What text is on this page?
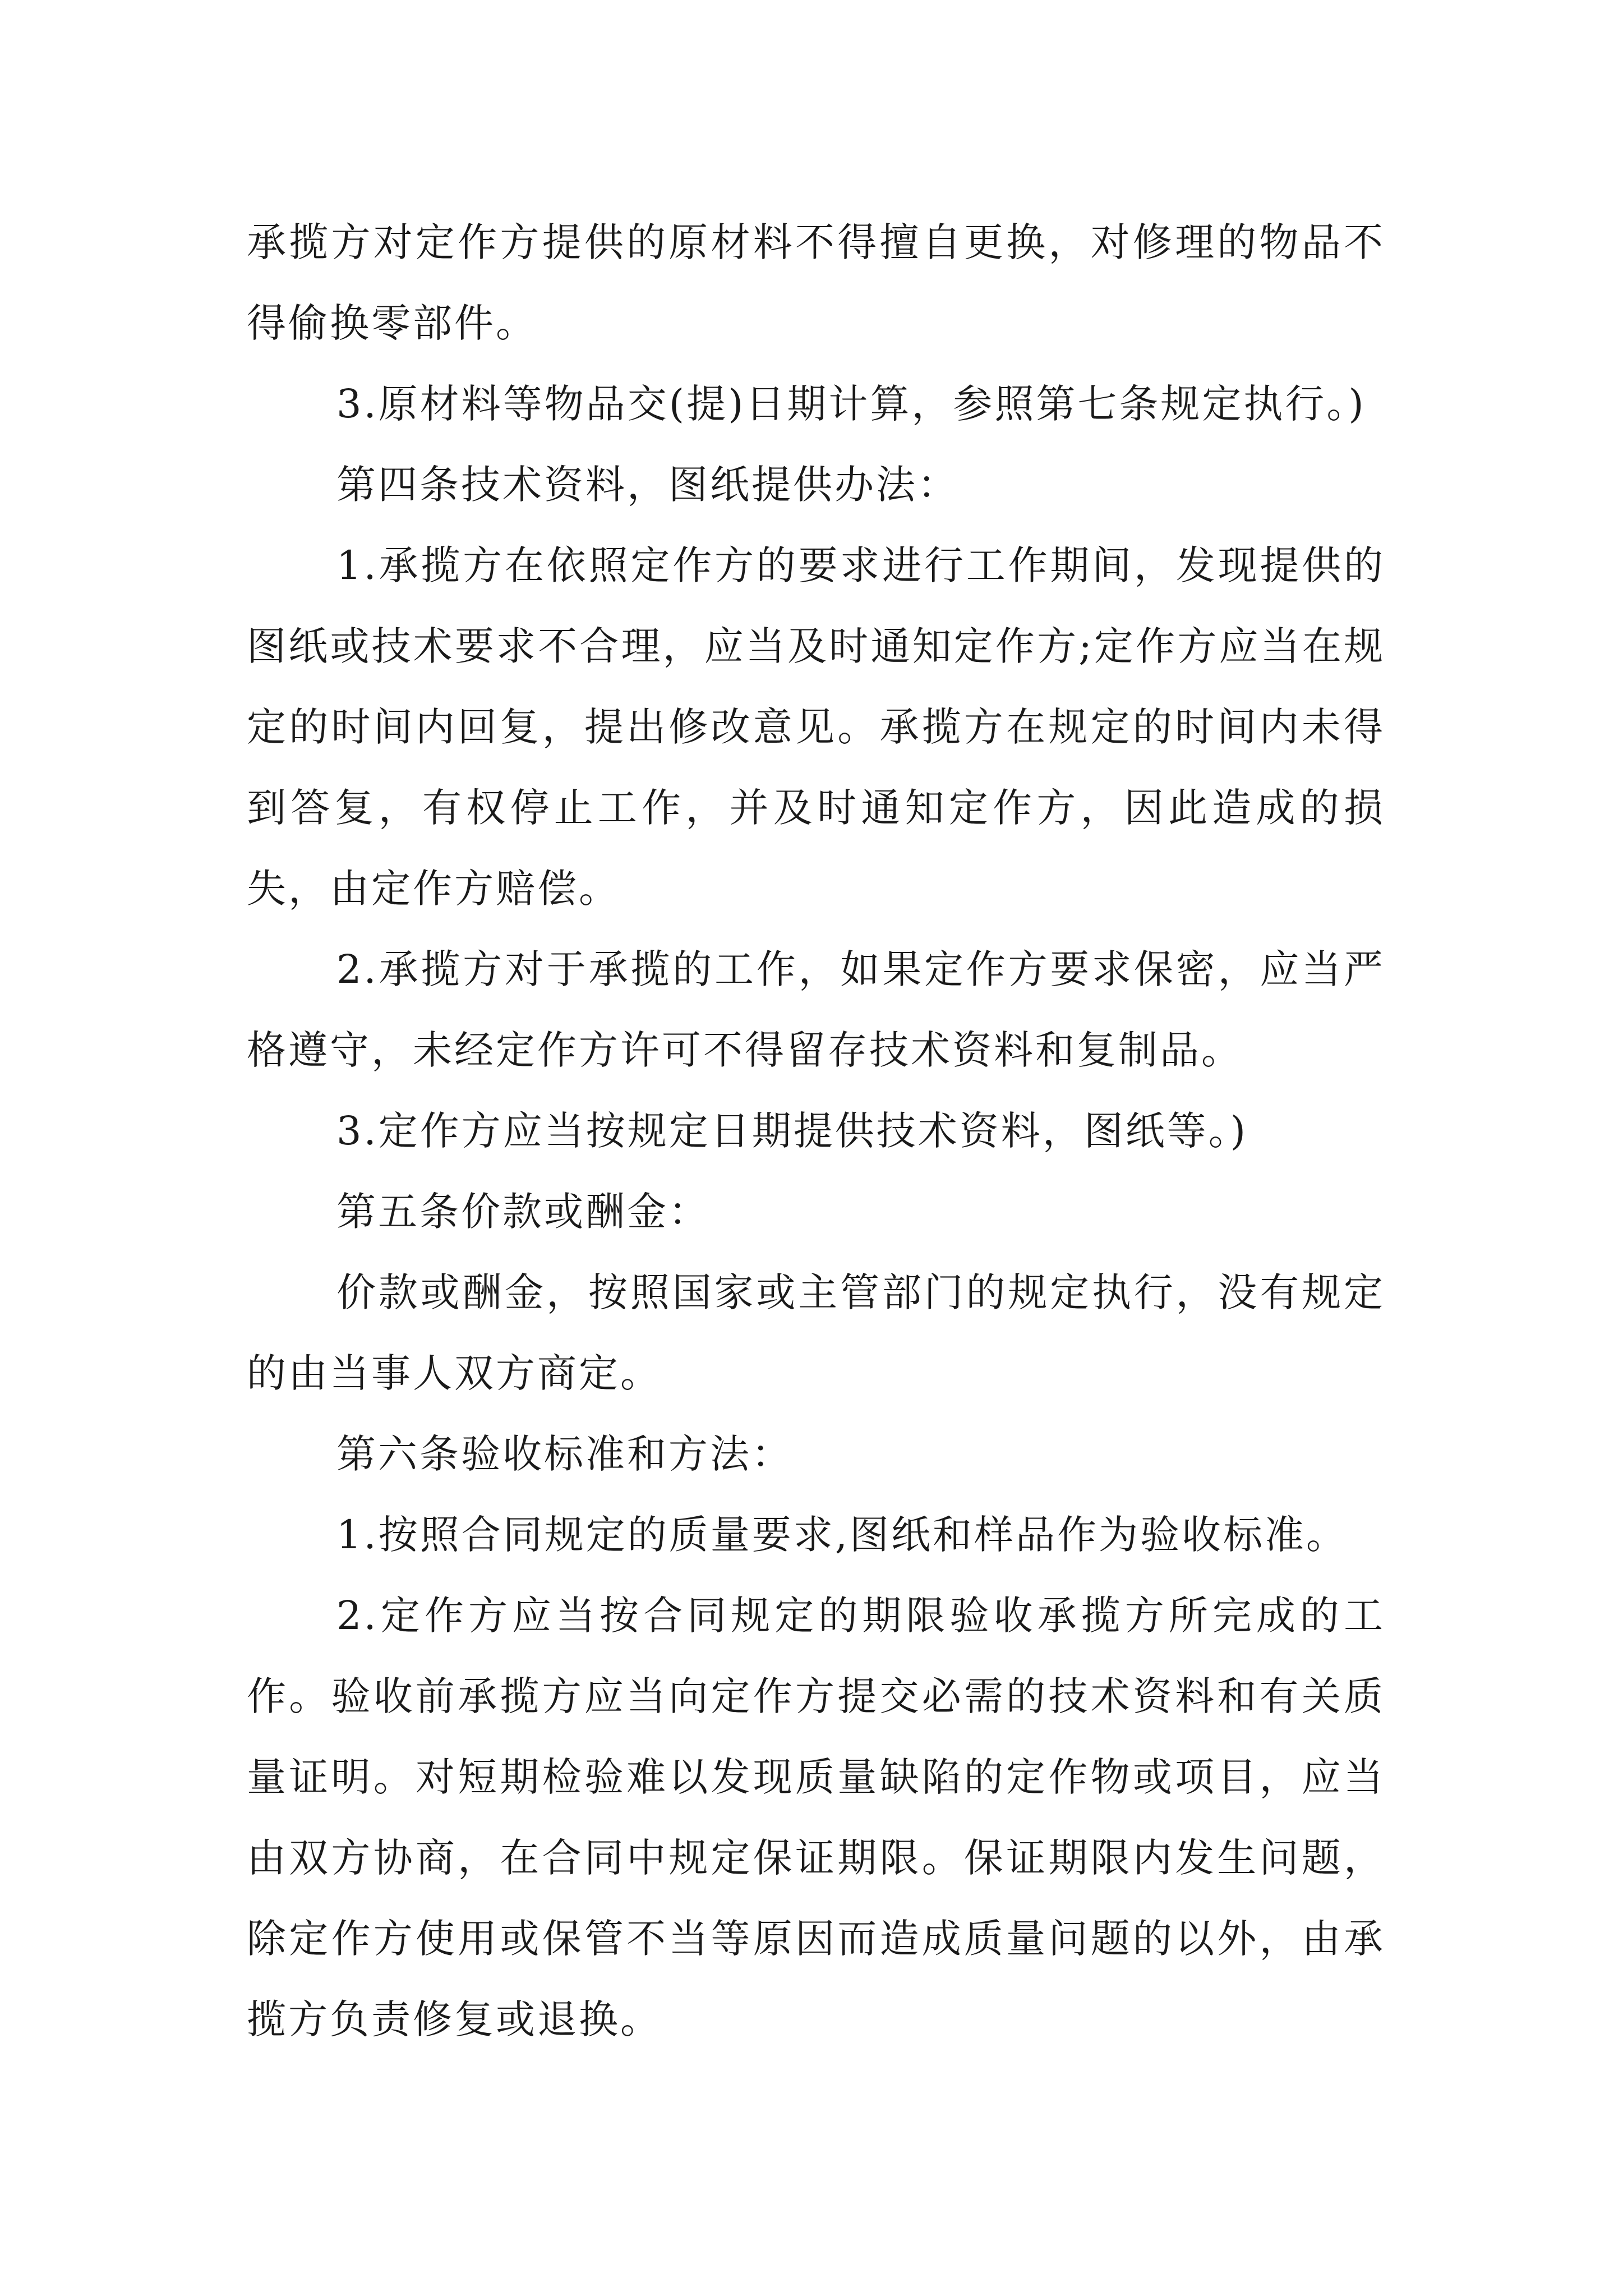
承揽方对定作方提供的原材料不得擅自更换，对修理的物品不得偷换零部件。

3.原材料等物品交(提)日期计算，参照第七条规定执行。)

第四条技术资料，图纸提供办法：

1.承揽方在依照定作方的要求进行工作期间，发现提供的图纸或技术要求不合理，应当及时通知定作方;定作方应当在规定的时间内回复，提出修改意见。承揽方在规定的时间内未得到答复，有权停止工作，并及时通知定作方，因此造成的损失，由定作方赔偿。

2.承揽方对于承揽的工作，如果定作方要求保密，应当严格遵守，未经定作方许可不得留存技术资料和复制品。

3.定作方应当按规定日期提供技术资料，图纸等。)

第五条价款或酬金：

价款或酬金，按照国家或主管部门的规定执行，没有规定的由当事人双方商定。

第六条验收标准和方法：

1.按照合同规定的质量要求,图纸和样品作为验收标准。

2.定作方应当按合同规定的期限验收承揽方所完成的工作。验收前承揽方应当向定作方提交必需的技术资料和有关质量证明。对短期检验难以发现质量缺陷的定作物或项目，应当由双方协商，在合同中规定保证期限。保证期限内发生问题，除定作方使用或保管不当等原因而造成质量问题的以外，由承揽方负责修复或退换。
